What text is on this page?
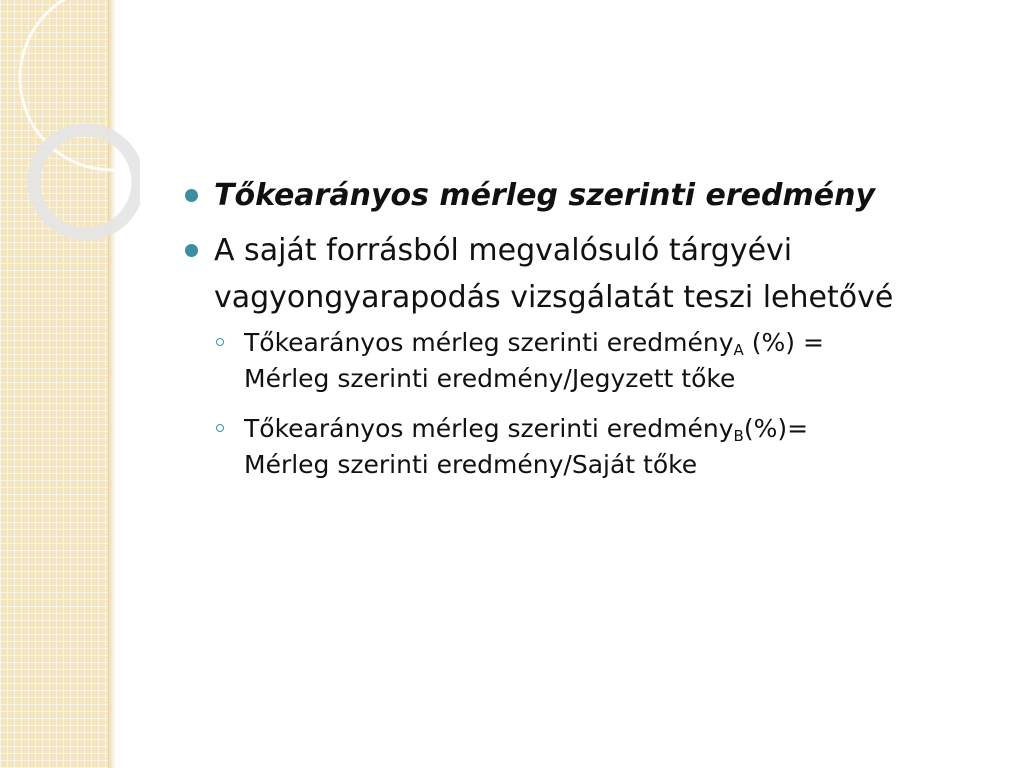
Tőkearányos mérleg szerinti eredmény
A saját forrásból megvalósuló tárgyévi
vagyongyarapodás vizsgálatát teszi lehetővé
Tőkearányos mérleg szerinti eredmény$_A$ (%) =
Mérleg szerinti eredmény/Jegyzett tőke
Tőkearányos mérleg szerinti eredmény$_B$(%)=
Mérleg szerinti eredmény/Saját tőke
